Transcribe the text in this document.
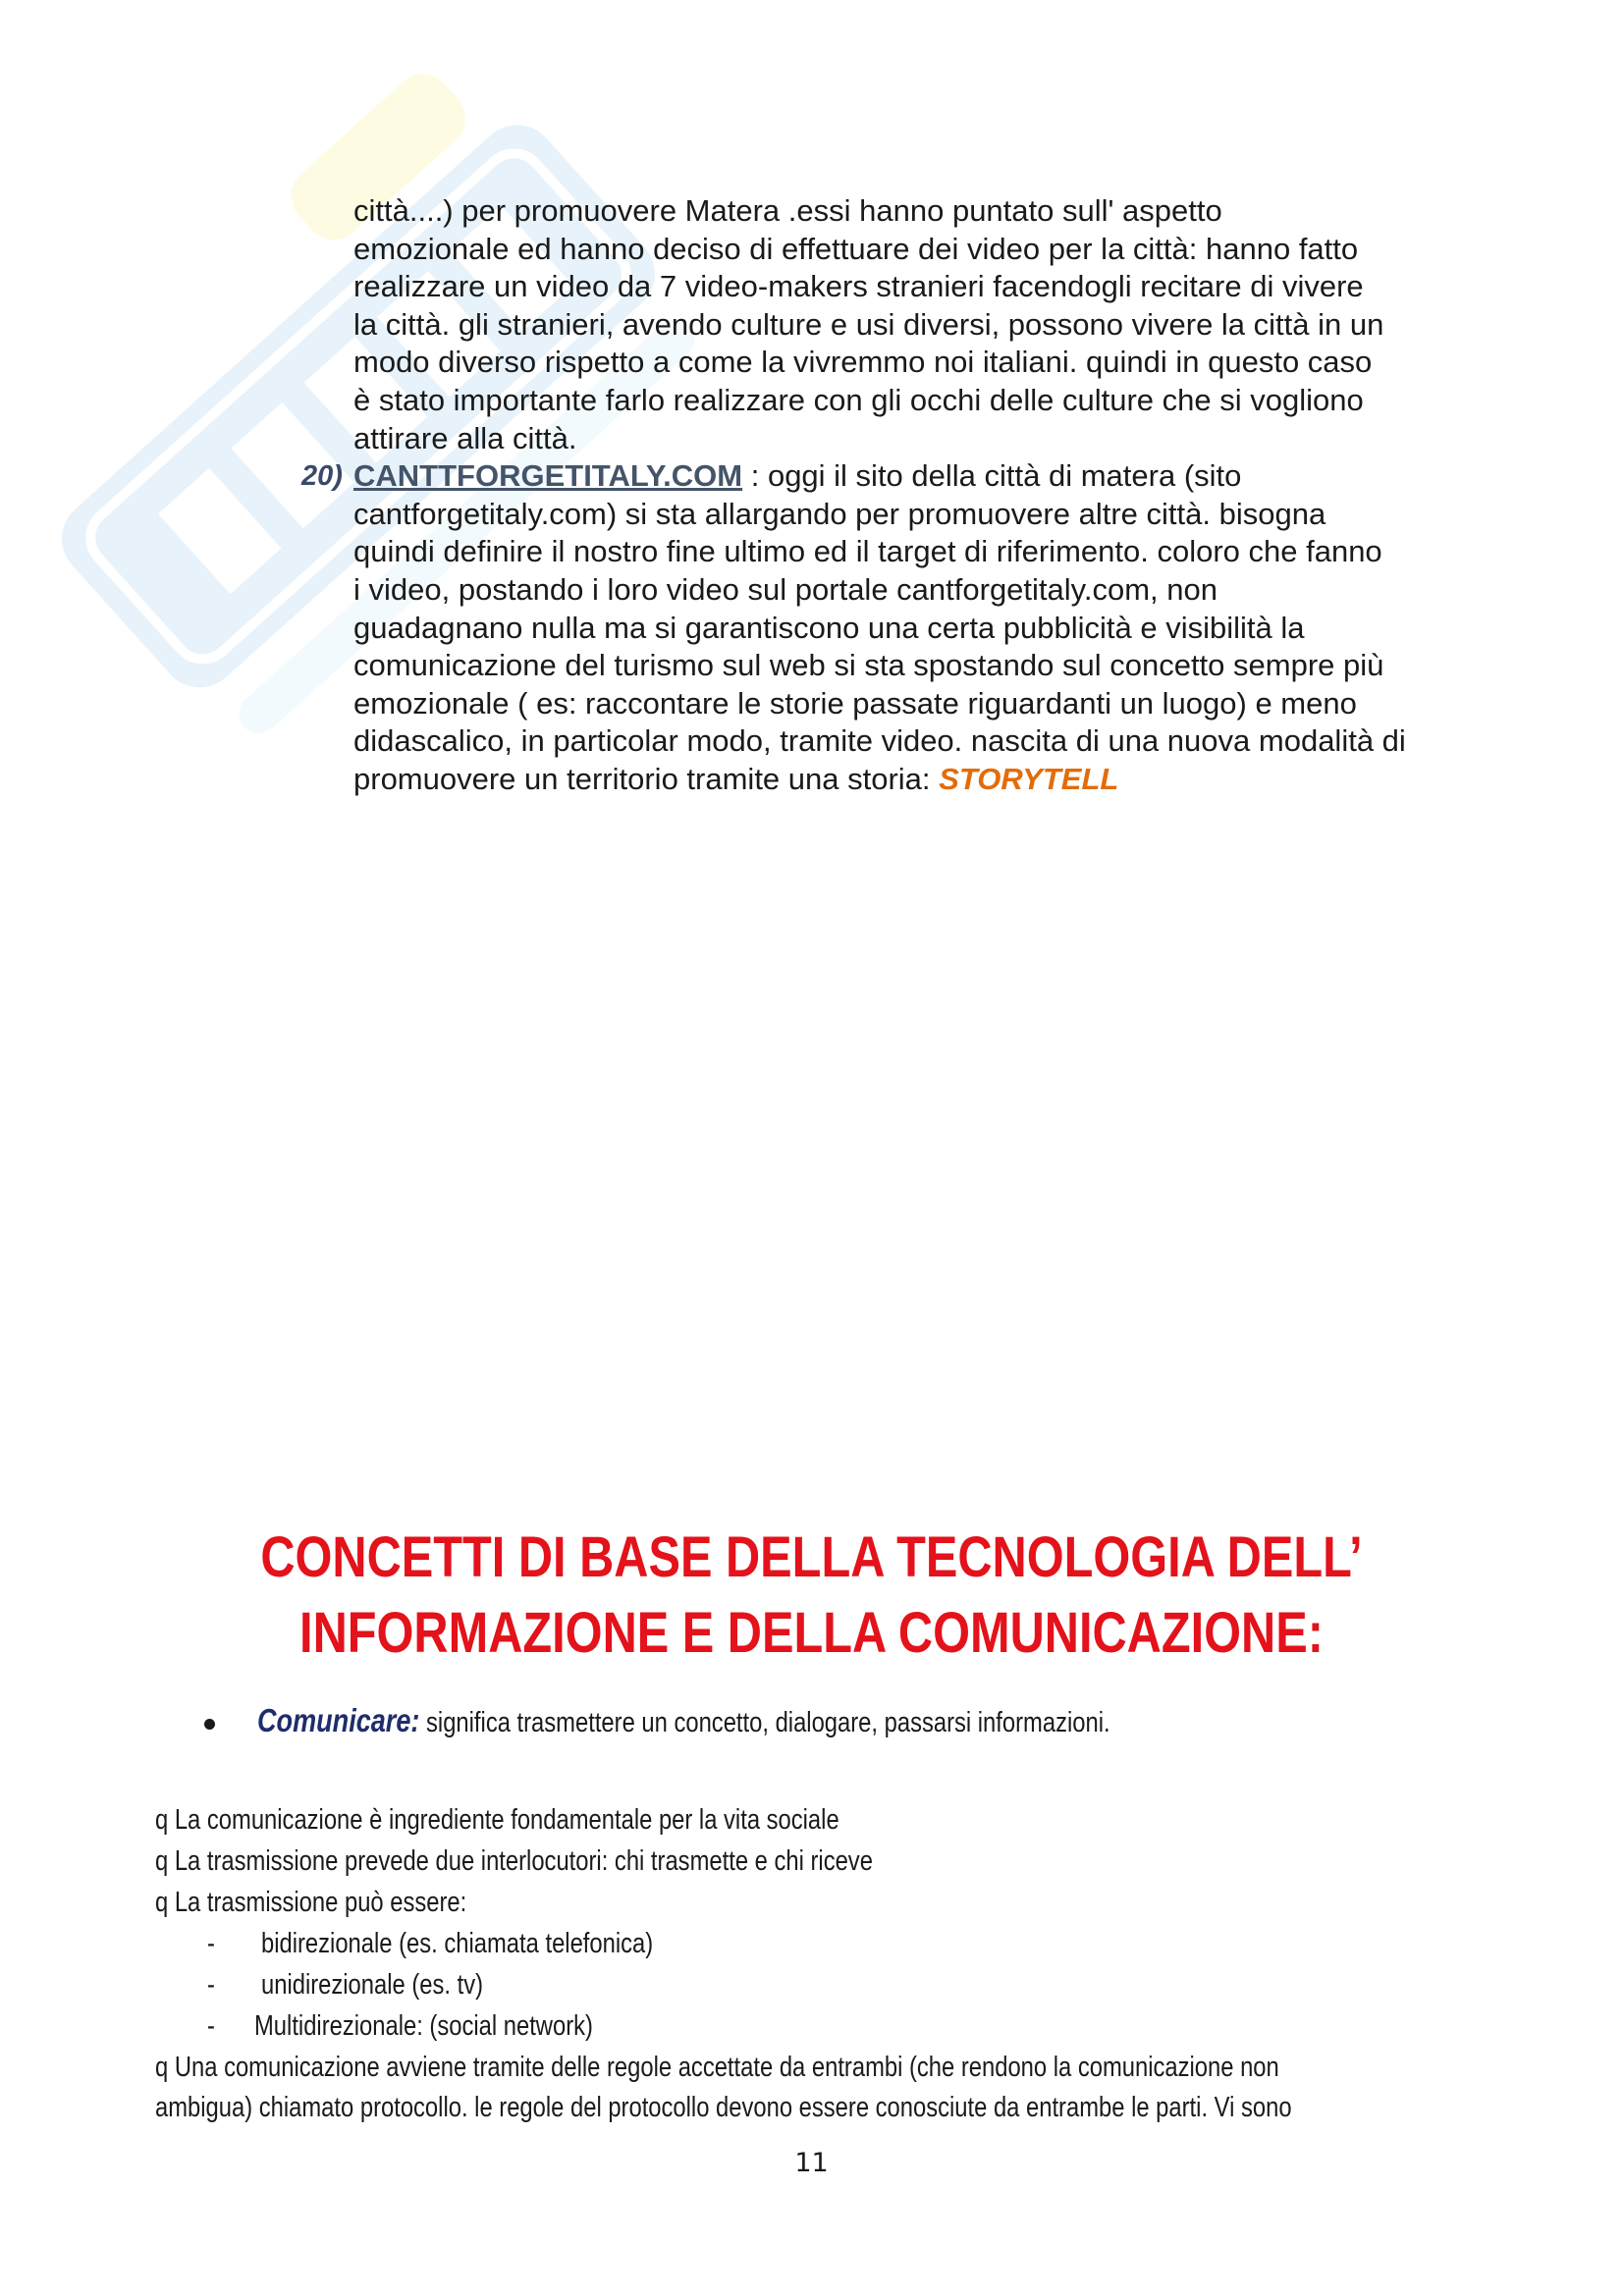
città....) per promuovere Matera .essi hanno puntato sull' aspetto

emozionale ed hanno deciso di effettuare dei video per la città: hanno fatto

realizzare un video da 7 video-makers stranieri facendogli recitare di vivere

la città. gli stranieri, avendo culture e usi diversi, possono vivere la città in un

modo diverso rispetto a come la vivremmo noi italiani. quindi in questo caso

è stato importante farlo realizzare con gli occhi delle culture che si vogliono

attirare alla città.

20) CANTTFORGETITALY.COM : oggi il sito della città di matera (sito

cantforgetitaly.com) si sta allargando per promuovere altre città. bisogna

quindi definire il nostro fine ultimo ed il target di riferimento. coloro che fanno

i video, postando i loro video sul portale cantforgetitaly.com, non

guadagnano nulla ma si garantiscono una certa pubblicità e visibilità la

comunicazione del turismo sul web si sta spostando sul concetto sempre più

emozionale ( es: raccontare le storie passate riguardanti un luogo) e meno

didascalico, in particolar modo, tramite video. nascita di una nuova modalità di

promuovere un territorio tramite una storia: STORYTELL

CONCETTI DI BASE DELLA TECNOLOGIA DELL’
INFORMAZIONE E DELLA COMUNICAZIONE:
Comunicare: significa trasmettere un concetto, dialogare, passarsi informazioni.
q La comunicazione è ingrediente fondamentale per la vita sociale
q La trasmissione prevede due interlocutori: chi trasmette e chi riceve
q La trasmissione può essere:
- bidirezionale (es. chiamata telefonica)
- unidirezionale (es. tv)
- Multidirezionale: (social network)
q Una comunicazione avviene tramite delle regole accettate da entrambi (che rendono la comunicazione non
ambigua) chiamato protocollo. le regole del protocollo devono essere conosciute da entrambe le parti. Vi sono
11
